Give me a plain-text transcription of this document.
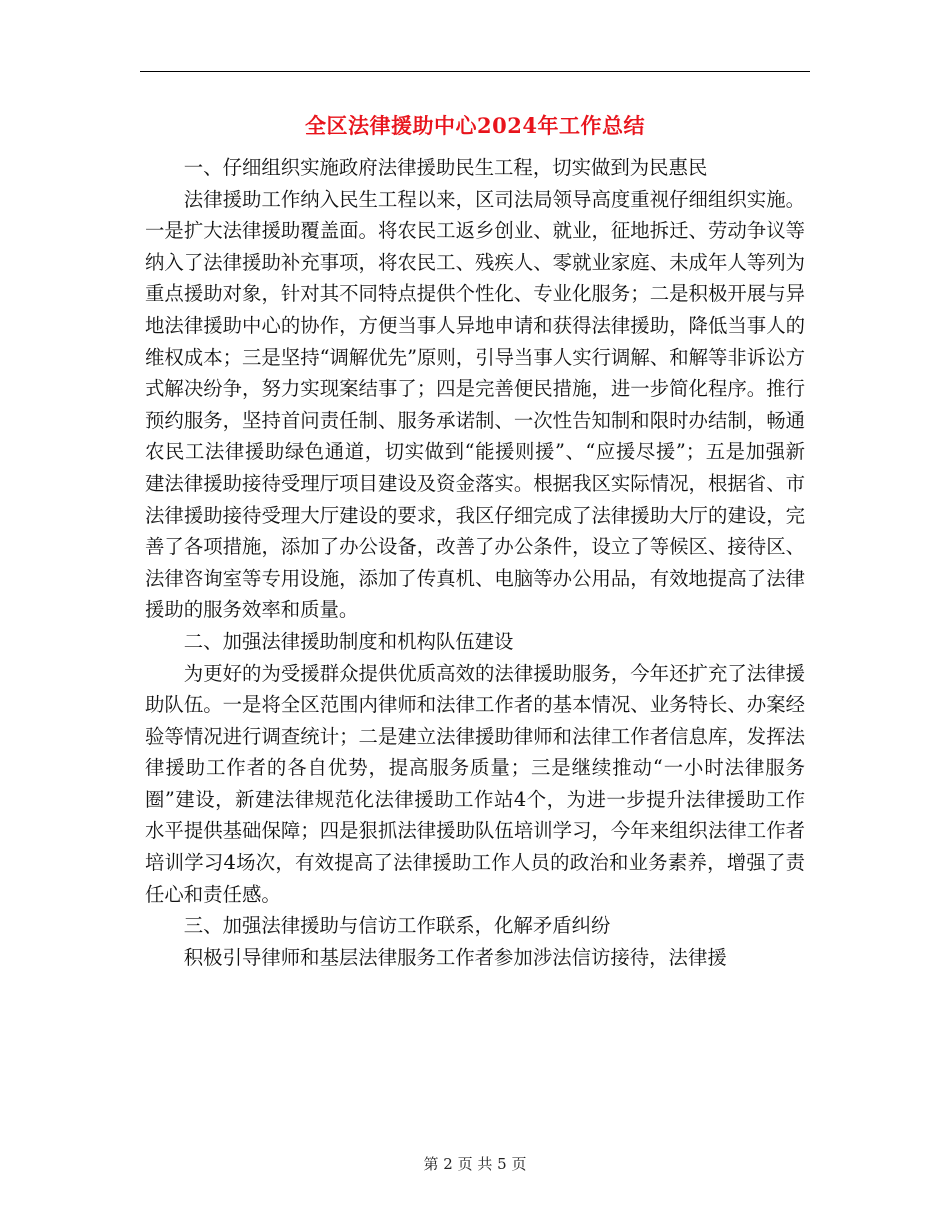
全区法律援助中心2024年工作总结

一、仔细组织实施政府法律援助民生工程，切实做到为民惠民

法律援助工作纳入民生工程以来，区司法局领导高度重视仔细组织实施。一是扩大法律援助覆盖面。将农民工返乡创业、就业，征地拆迁、劳动争议等纳入了法律援助补充事项，将农民工、残疾人、零就业家庭、未成年人等列为重点援助对象，针对其不同特点提供个性化、专业化服务；二是积极开展与异地法律援助中心的协作，方便当事人异地申请和获得法律援助，降低当事人的维权成本；三是坚持“调解优先”原则，引导当事人实行调解、和解等非诉讼方式解决纷争，努力实现案结事了；四是完善便民措施，进一步简化程序。推行预约服务，坚持首问责任制、服务承诺制、一次性告知制和限时办结制，畅通农民工法律援助绿色通道，切实做到“能援则援”、“应援尽援”；五是加强新建法律援助接待受理厅项目建设及资金落实。根据我区实际情况，根据省、市法律援助接待受理大厅建设的要求，我区仔细完成了法律援助大厅的建设，完善了各项措施，添加了办公设备，改善了办公条件，设立了等候区、接待区、法律咨询室等专用设施，添加了传真机、电脑等办公用品，有效地提高了法律援助的服务效率和质量。

二、加强法律援助制度和机构队伍建设

为更好的为受援群众提供优质高效的法律援助服务，今年还扩充了法律援助队伍。一是将全区范围内律师和法律工作者的基本情况、业务特长、办案经验等情况进行调查统计；二是建立法律援助律师和法律工作者信息库，发挥法律援助工作者的各自优势，提高服务质量；三是继续推动“一小时法律服务圈”建设，新建法律规范化法律援助工作站4个，为进一步提升法律援助工作水平提供基础保障；四是狠抓法律援助队伍培训学习，今年来组织法律工作者培训学习4场次，有效提高了法律援助工作人员的政治和业务素养，增强了责任心和责任感。

三、加强法律援助与信访工作联系，化解矛盾纠纷

积极引导律师和基层法律服务工作者参加涉法信访接待，法律援

第 2 页 共 5 页
